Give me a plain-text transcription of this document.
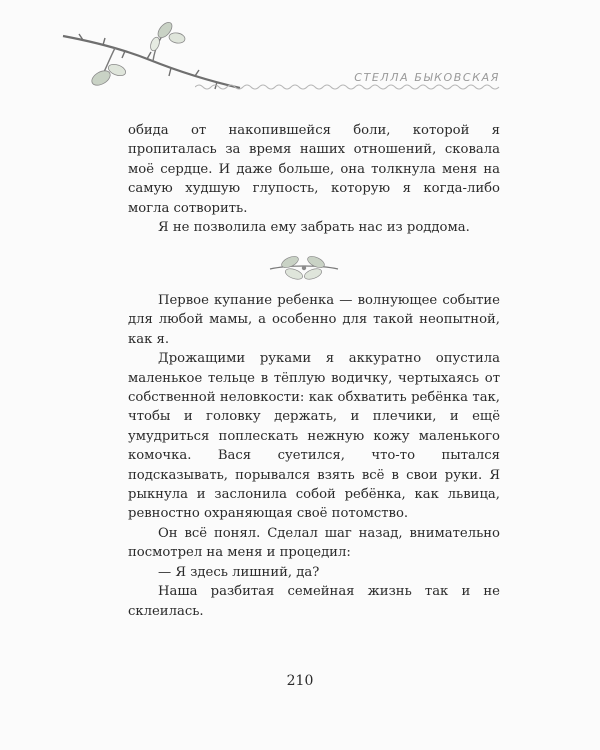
СТЕЛЛА БЫКОВСКАЯ

обида от накопившейся боли, которой я пропиталась за время наших отношений, сковала моё сердце. И даже больше, она толкнула меня на самую худшую глупость, которую я когда-либо могла сотворить.

Я не позволила ему забрать нас из роддома.

Первое купание ребенка — волнующее событие для любой мамы, а особенно для такой неопытной, как я.

Дрожащими руками я аккуратно опустила маленькое тельце в тёплую водичку, чертыхаясь от собственной неловкости: как обхватить ребёнка так, чтобы и головку держать, и плечики, и ещё умудриться поплескать нежную кожу маленького комочка. Вася суетился, что-то пытался подсказывать, порывался взять всё в свои руки. Я рыкнула и заслонила собой ребёнка, как львица, ревностно охраняющая своё потомство.

Он всё понял. Сделал шаг назад, внимательно посмотрел на меня и процедил:

— Я здесь лишний, да?

Наша разбитая семейная жизнь так и не склеилась.

210
